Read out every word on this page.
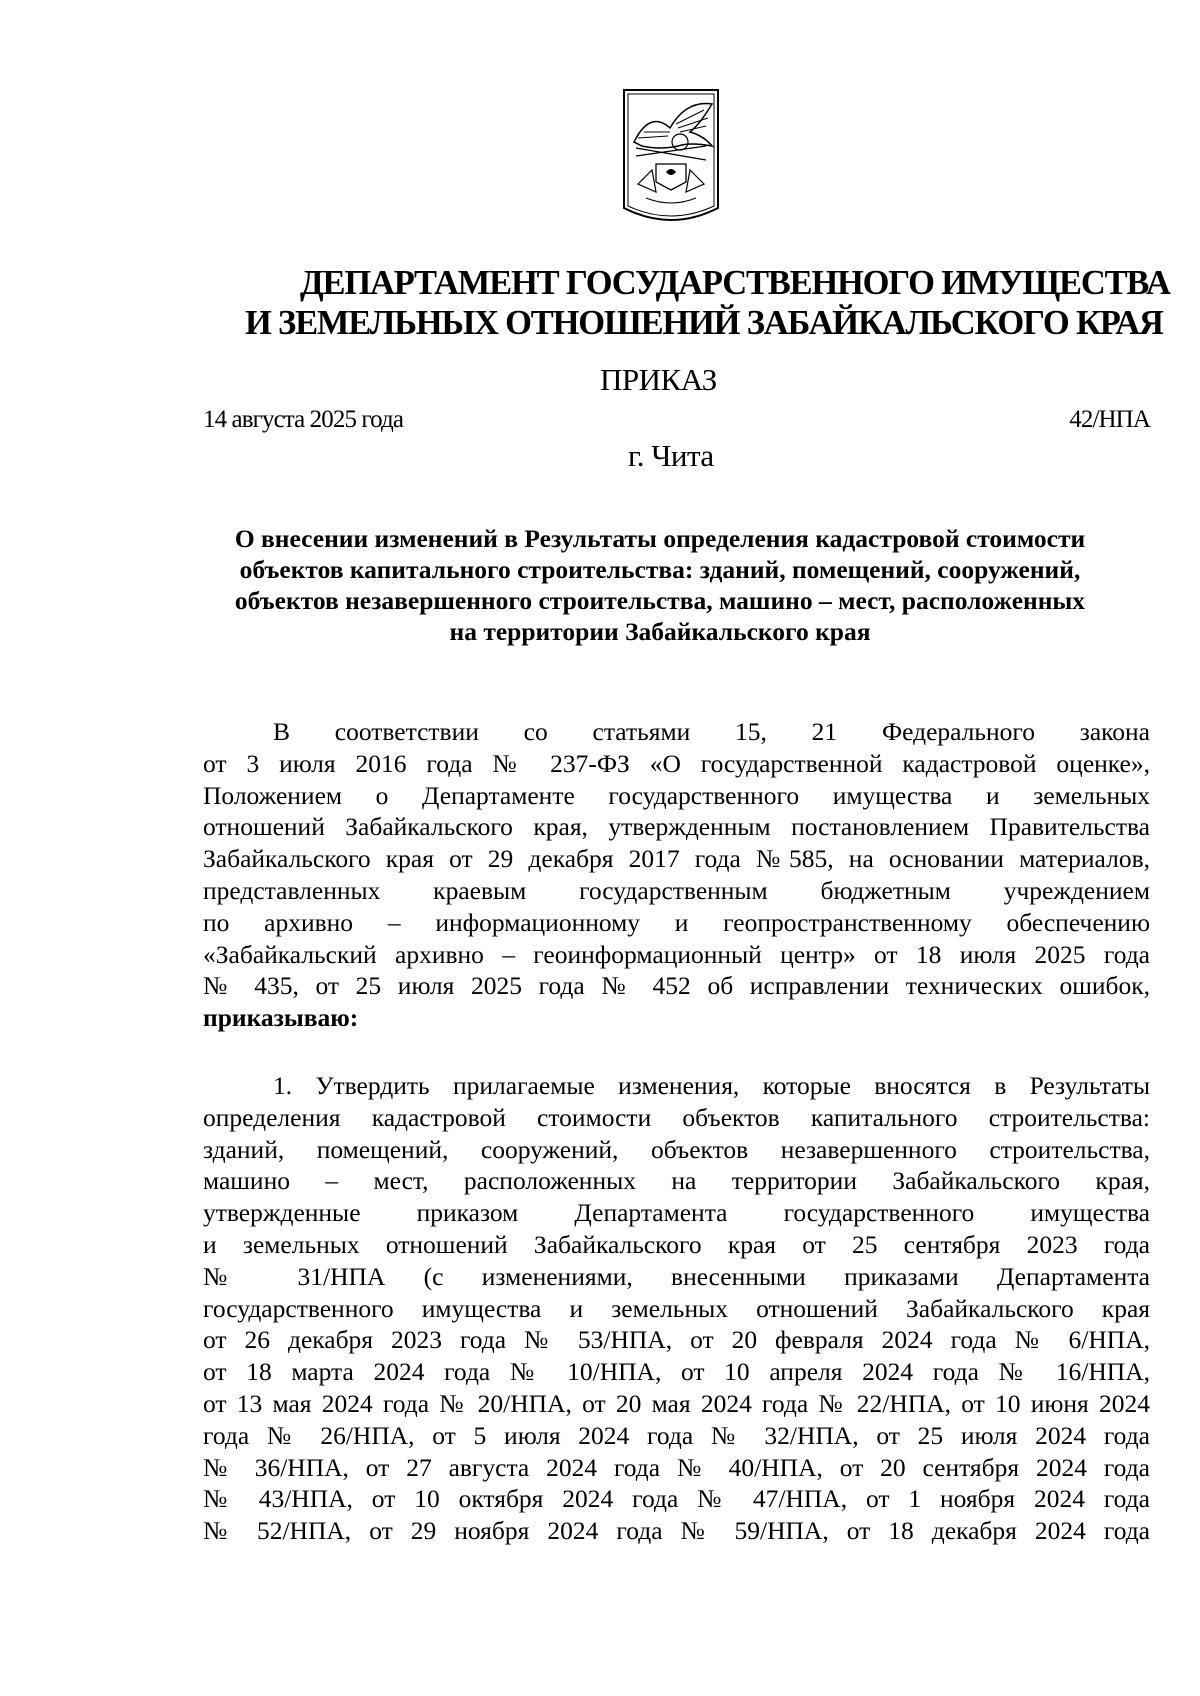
ДЕПАРТАМЕНТ ГОСУДАРСТВЕННОГО ИМУЩЕСТВА
И ЗЕМЕЛЬНЫХ ОТНОШЕНИЙ ЗАБАЙКАЛЬСКОГО КРАЯ
ПРИКАЗ
14 августа 2025 года	42/НПА
г. Чита
О внесении изменений в Результаты определения кадастровой стоимости
объектов капитального строительства: зданий, помещений, сооружений,
объектов незавершенного строительства, машино – мест, расположенных
на территории Забайкальского края
В соответствии со статьями 15, 21 Федерального закона
от 3 июля 2016 года № 237-ФЗ «О государственной кадастровой оценке»,
Положением о Департаменте государственного имущества и земельных
отношений Забайкальского края, утвержденным постановлением Правительства
Забайкальского края от 29 декабря 2017 года №585, на основании материалов,
представленных краевым государственным бюджетным учреждением
по архивно – информационному и геопространственному обеспечению
«Забайкальский архивно – геоинформационный центр» от 18 июля 2025 года
№ 435, от 25 июля 2025 года № 452 об исправлении технических ошибок,
приказываю:
1. Утвердить прилагаемые изменения, которые вносятся в Результаты
определения кадастровой стоимости объектов капитального строительства:
зданий, помещений, сооружений, объектов незавершенного строительства,
машино – мест, расположенных на территории Забайкальского края,
утвержденные приказом Департамента государственного имущества
и земельных отношений Забайкальского края от 25 сентября 2023 года
№ 31/НПА (с изменениями, внесенными приказами Департамента
государственного имущества и земельных отношений Забайкальского края
от 26 декабря 2023 года № 53/НПА, от 20 февраля 2024 года № 6/НПА,
от 18 марта 2024 года № 10/НПА, от 10 апреля 2024 года № 16/НПА,
от 13 мая 2024 года № 20/НПА, от 20 мая 2024 года № 22/НПА, от 10 июня 2024
года № 26/НПА, от 5 июля 2024 года № 32/НПА, от 25 июля 2024 года
№ 36/НПА, от 27 августа 2024 года № 40/НПА, от 20 сентября 2024 года
№ 43/НПА, от 10 октября 2024 года № 47/НПА, от 1 ноября 2024 года
№ 52/НПА, от 29 ноября 2024 года № 59/НПА, от 18 декабря 2024 года
